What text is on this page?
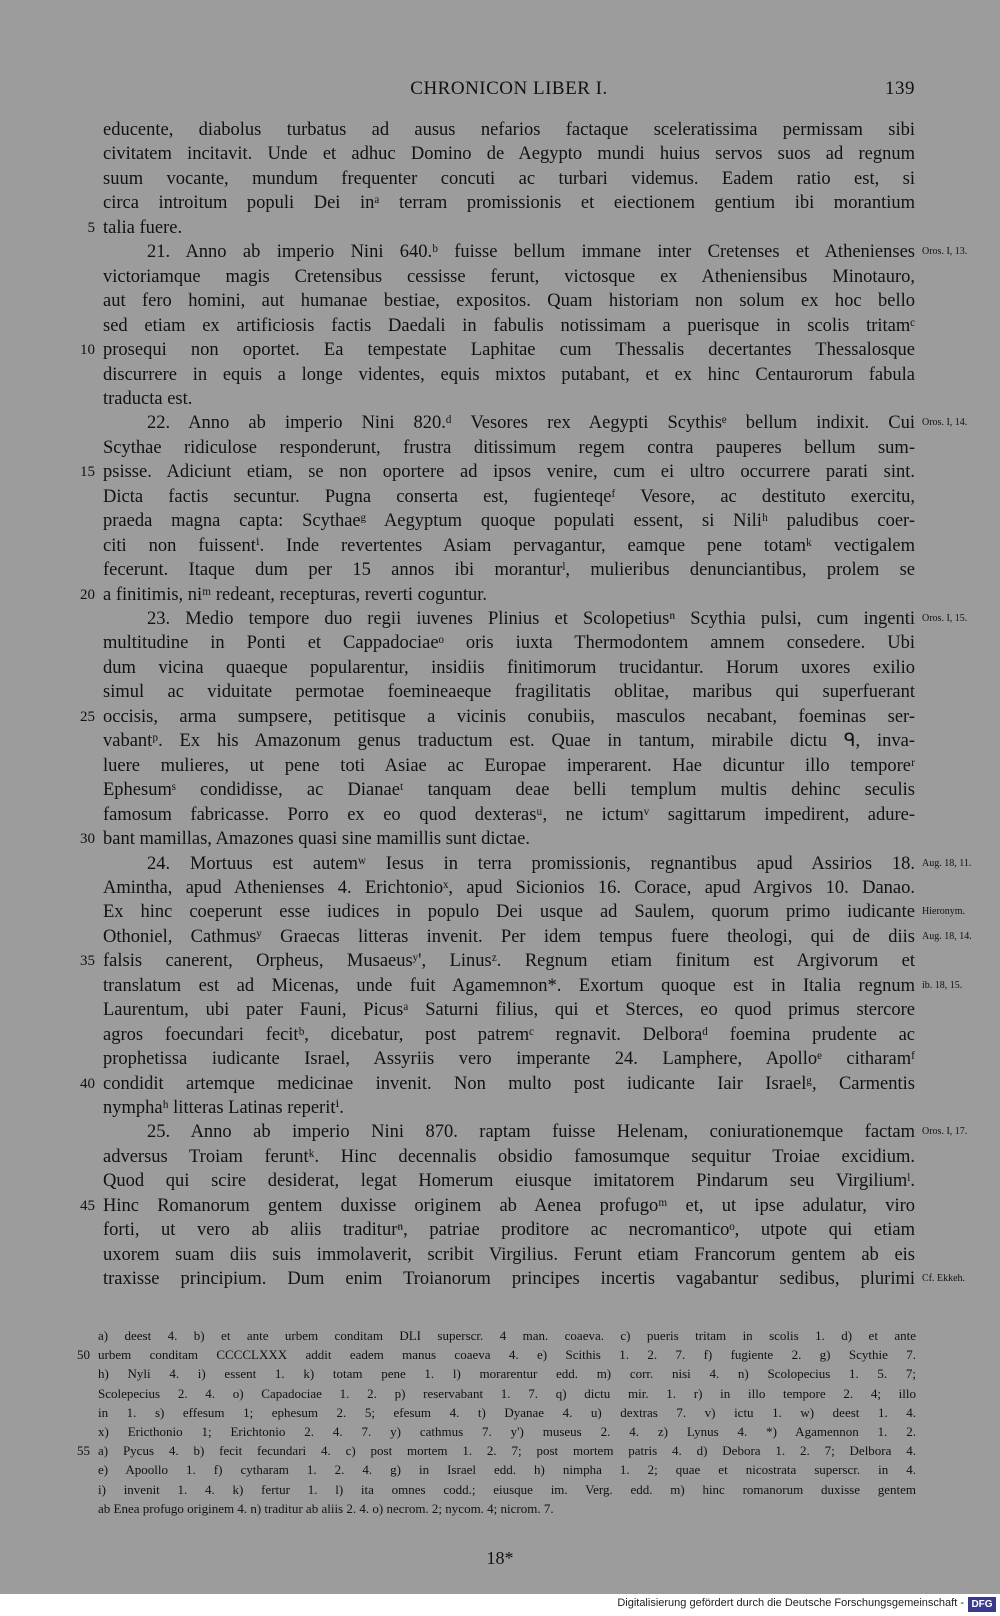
CHRONICON LIBER I.	139
educente, diabolus turbatus ad ausus nefarios factaque sceleratissima permissam sibi
civitatem incitavit. Unde et adhuc Domino de Aegypto mundi huius servos suos ad regnum
suum vocante, mundum frequenter concuti ac turbari videmus. Eadem ratio est, si
circa introitum populi Dei inᵃ terram promissionis et eiectionem gentium ibi morantium
talia fuere.
5
21. Anno ab imperio Nini 640.ᵇ fuisse bellum immane inter Cretenses et Athenienses Oros. I, 13.
victoriamque magis Cretensibus cessisse ferunt, victosque ex Atheniensibus Minotauro,
aut fero homini, aut humanae bestiae, expositos. Quam historiam non solum ex hoc bello
sed etiam ex artificiosis factis Daedali in fabulis notissimam a puerisque in scolis tritamᶜ
prosequi non oportet. Ea tempestate Laphitae cum Thessalis decertantes Thessalosque
10
discurrere in equis a longe videntes, equis mixtos putabant, et ex hinc Centaurorum fabula
traducta est.
22. Anno ab imperio Nini 820.ᵈ Vesores rex Aegypti Scythisᵉ bellum indixit. Cui Oros. I, 14.
Scythae ridiculose responderunt, frustra ditissimum regem contra pauperes bellum sum-
psisse. Adiciunt etiam, se non oportere ad ipsos venire, cum ei ultro occurrere parati sint.
15
Dicta factis secuntur. Pugna conserta est, fugienteqeᶠ Vesore, ac destituto exercitu,
praeda magna capta: Scythaeᵍ Aegyptum quoque populati essent, si Niliʰ paludibus coer-
citi non fuissentⁱ. Inde revertentes Asiam pervagantur, eamque pene totamᵏ vectigalem
fecerunt. Itaque dum per 15 annos ibi moranturˡ, mulieribus denunciantibus, prolem se
a finitimis, niᵐ redeant, recepturas, reverti coguntur.
20
23. Medio tempore duo regii iuvenes Plinius et Scolopetiusⁿ Scythia pulsi, cum ingenti Oros. I, 15.
multitudine in Ponti et Cappadociaeᵒ oris iuxta Thermodontem amnem consedere. Ubi
dum vicina quaeque popularentur, insidiis finitimorum trucidantur. Horum uxores exilio
simul ac viduitate permotae foemineaeque fragilitatis oblitae, maribus qui superfuerant
occisis, arma sumpsere, petitisque a vicinis conubiis, masculos necabant, foeminas ser-
25
vabantᵖ. Ex his Amazonum genus traductum est. Quae in tantum, mirabile dictu ᑫ, inva-
luere mulieres, ut pene toti Asiae ac Europae imperarent. Hae dicuntur illo temporeʳ
Ephesumˢ condidisse, ac Dianaeᵗ tanquam deae belli templum multis dehinc seculis
famosum fabricasse. Porro ex eo quod dexterasᵘ, ne ictumᵛ sagittarum impedirent, adure-
bant mamillas, Amazones quasi sine mamillis sunt dictae.
30
24. Mortuus est autemʷ Iesus in terra promissionis, regnantibus apud Assirios 18. Aug. 18, 11.
Amintha, apud Athenienses 4. Erichtonioˣ, apud Sicionios 16. Corace, apud Argivos 10. Danao.
Ex hinc coeperunt esse iudices in populo Dei usque ad Saulem, quorum primo iudicante Hieronym.
Othoniel, Cathmusʸ Graecas litteras invenit. Per idem tempus fuere theologi, qui de diis Aug. 18, 14.
falsis canerent, Orpheus, Musaeusʸ', Linusᶻ. Regnum etiam finitum est Argivorum et
35
translatum est ad Micenas, unde fuit Agamemnon*. Exortum quoque est in Italia regnum ib. 18, 15.
Laurentum, ubi pater Fauni, Picusᵃ Saturni filius, qui et Sterces, eo quod primus stercore
agros foecundari fecitᵇ, dicebatur, post patremᶜ regnavit. Delboraᵈ foemina prudente ac
prophetissa iudicante Israel, Assyriis vero imperante 24. Lamphere, Apolloᵉ citharamᶠ
condidit artemque medicinae invenit. Non multo post iudicante Iair Israelᵍ, Carmentis
40
nymphaʰ litteras Latinas reperitⁱ.
25. Anno ab imperio Nini 870. raptam fuisse Helenam, coniurationemque factam Oros. I, 17.
adversus Troiam feruntᵏ. Hinc decennalis obsidio famosumque sequitur Troiae excidium.
Quod qui scire desiderat, legat Homerum eiusque imitatorem Pindarum seu Virgiliumˡ.
Hinc Romanorum gentem duxisse originem ab Aenea profugoᵐ et, ut ipse adulatur, viro
45
forti, ut vero ab aliis traditurⁿ, patriae proditore ac necromanticoᵒ, utpote qui etiam
uxorem suam diis suis immolaverit, scribit Virgilius. Ferunt etiam Francorum gentem ab eis
traxisse principium. Dum enim Troianorum principes incertis vagabantur sedibus, plurimi Cf. Ekkeh.
a) deest 4. b) et ante urbem conditam DLI superscr. 4 man. coaeva. c) pueris tritam in scolis 1. d) et ante
urbem conditam CCCCLXXX addit eadem manus coaeva 4. e) Scithis 1. 2. 7. f) fugiente 2. g) Scythie 7.
50
h) Nyli 4. i) essent 1. k) totam pene 1. l) morarentur edd. m) corr. nisi 4. n) Scolopecius 1. 5. 7;
Scolepecius 2. 4. o) Capadociae 1. 2. p) reservabant 1. 7. q) dictu mir. 1. r) in illo tempore 2. 4; illo
in 1. s) effesum 1; ephesum 2. 5; efesum 4. t) Dyanae 4. u) dextras 7. v) ictu 1. w) deest 1. 4.
x) Ericthonio 1; Erichtonio 2. 4. 7. y) cathmus 7. y') museus 2. 4. z) Lynus 4. *) Agamennon 1. 2.
a) Pycus 4. b) fecit fecundari 4. c) post mortem 1. 2. 7; post mortem patris 4. d) Debora 1. 2. 7; Delbora 4.
55
e) Apoollo 1. f) cytharam 1. 2. 4. g) in Israel edd. h) nimpha 1. 2; quae et nicostrata superscr. in 4.
i) invenit 1. 4. k) fertur 1. l) ita omnes codd.; eiusque im. Verg. edd. m) hinc romanorum duxisse gentem
ab Enea profugo originem 4. n) traditur ab aliis 2. 4. o) necrom. 2; nycom. 4; nicrom. 7.
18*
Digitalisierung gefördert durch die Deutsche Forschungsgemeinschaft - DFG
